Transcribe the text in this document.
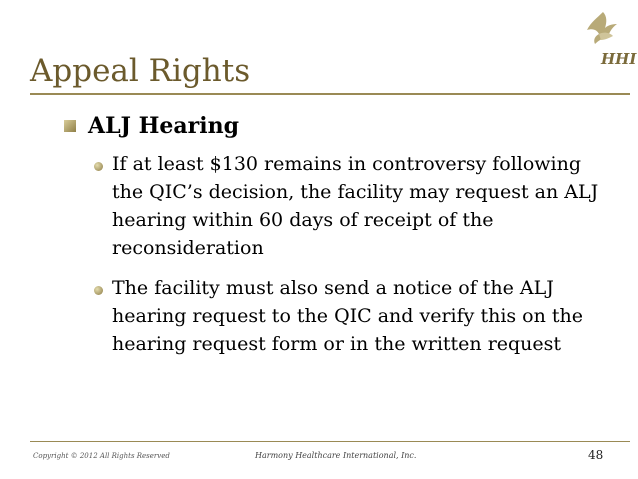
HHI
Appeal Rights
ALJ Hearing
If at least $130 remains in controversy following the QIC’s decision, the facility may request an ALJ hearing within 60 days of receipt of the reconsideration
The facility must also send a notice of the ALJ hearing request to the QIC and verify this on the hearing request form or in the written request
Copyright © 2012 All Rights Reserved	Harmony Healthcare International, Inc.	48
